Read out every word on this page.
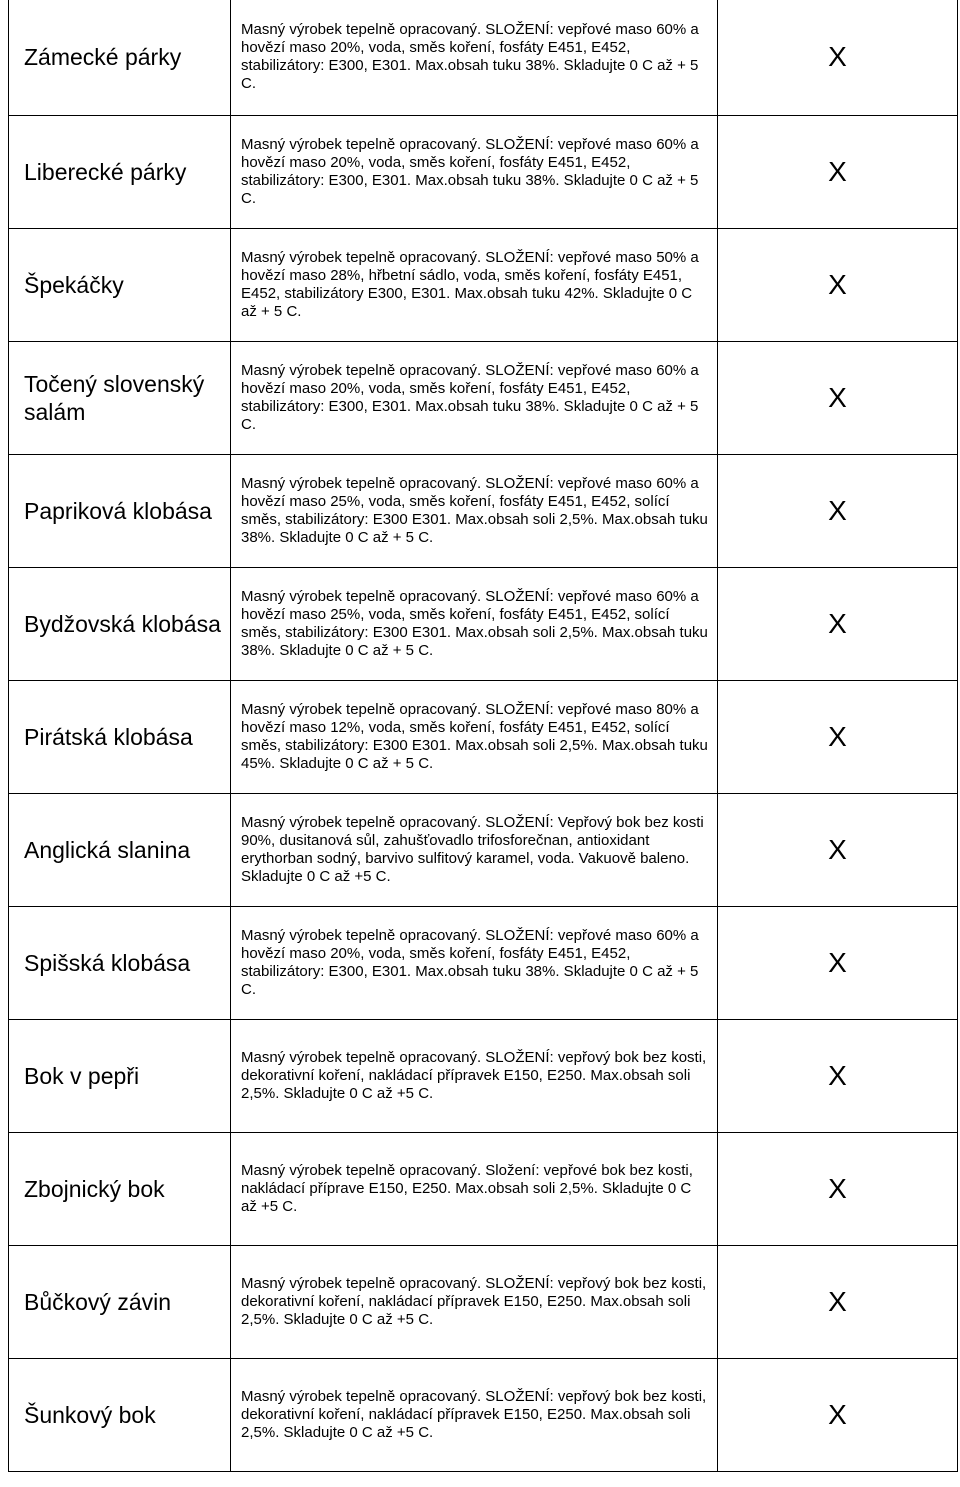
Zámecké párky	Masný výrobek tepelně opracovaný. SLOŽENÍ: vepřové maso 60% a hovězí maso 20%, voda, směs koření, fosfáty E451, E452, stabilizátory: E300, E301. Max.obsah tuku 38%. Skladujte 0 C až + 5 C.	X

Liberecké párky	Masný výrobek tepelně opracovaný. SLOŽENÍ: vepřové maso 60% a hovězí maso 20%, voda, směs koření, fosfáty E451, E452, stabilizátory: E300, E301. Max.obsah tuku 38%. Skladujte 0 C až + 5 C.	X

Špekáčky	Masný výrobek tepelně opracovaný. SLOŽENÍ: vepřové maso 50% a hovězí maso 28%, hřbetní sádlo, voda, směs koření, fosfáty E451, E452, stabilizátory E300, E301. Max.obsah tuku 42%. Skladujte 0 C až + 5 C.	X

Točený slovenský salám	Masný výrobek tepelně opracovaný. SLOŽENÍ: vepřové maso 60% a hovězí maso 20%, voda, směs koření, fosfáty E451, E452, stabilizátory: E300, E301. Max.obsah tuku 38%. Skladujte 0 C až + 5 C.	X

Papriková klobása	Masný výrobek tepelně opracovaný. SLOŽENÍ: vepřové maso 60% a hovězí maso 25%, voda, směs koření, fosfáty E451, E452, solící směs, stabilizátory: E300 E301. Max.obsah soli 2,5%. Max.obsah tuku 38%. Skladujte 0 C až + 5 C.	X

Bydžovská klobása	Masný výrobek tepelně opracovaný. SLOŽENÍ: vepřové maso 60% a hovězí maso 25%, voda, směs koření, fosfáty E451, E452, solící směs, stabilizátory: E300 E301. Max.obsah soli 2,5%. Max.obsah tuku 38%. Skladujte 0 C až + 5 C.	X

Pirátská klobása	Masný výrobek tepelně opracovaný. SLOŽENÍ: vepřové maso 80% a hovězí maso 12%, voda, směs koření, fosfáty E451, E452, solící směs, stabilizátory: E300 E301. Max.obsah soli 2,5%. Max.obsah tuku 45%. Skladujte 0 C až + 5 C.	X

Anglická slanina	Masný výrobek tepelně opracovaný. SLOŽENÍ: Vepřový bok bez kosti 90%, dusitanová sůl, zahušťovadlo trifosforečnan, antioxidant erythorban sodný, barvivo sulfitový karamel, voda. Vakuově baleno. Skladujte 0 C až +5 C.	X

Spišská klobása	Masný výrobek tepelně opracovaný. SLOŽENÍ: vepřové maso 60% a hovězí maso 20%, voda, směs koření, fosfáty E451, E452, stabilizátory: E300, E301. Max.obsah tuku 38%. Skladujte 0 C až + 5 C.	X

Bok v pepři	Masný výrobek tepelně opracovaný. SLOŽENÍ: vepřový bok bez kosti, dekorativní koření, nakládací přípravek E150, E250. Max.obsah soli 2,5%. Skladujte 0 C až +5 C.	X

Zbojnický bok	Masný výrobek tepelně opracovaný. Složení: vepřové bok bez kosti, nakládací příprave E150, E250. Max.obsah soli 2,5%. Skladujte 0 C až +5 C.	X

Bůčkový závin	Masný výrobek tepelně opracovaný. SLOŽENÍ: vepřový bok bez kosti, dekorativní koření, nakládací přípravek E150, E250. Max.obsah soli 2,5%. Skladujte 0 C až +5 C.	X

Šunkový bok	Masný výrobek tepelně opracovaný. SLOŽENÍ: vepřový bok bez kosti, dekorativní koření, nakládací přípravek E150, E250. Max.obsah soli 2,5%. Skladujte 0 C až +5 C.	X
